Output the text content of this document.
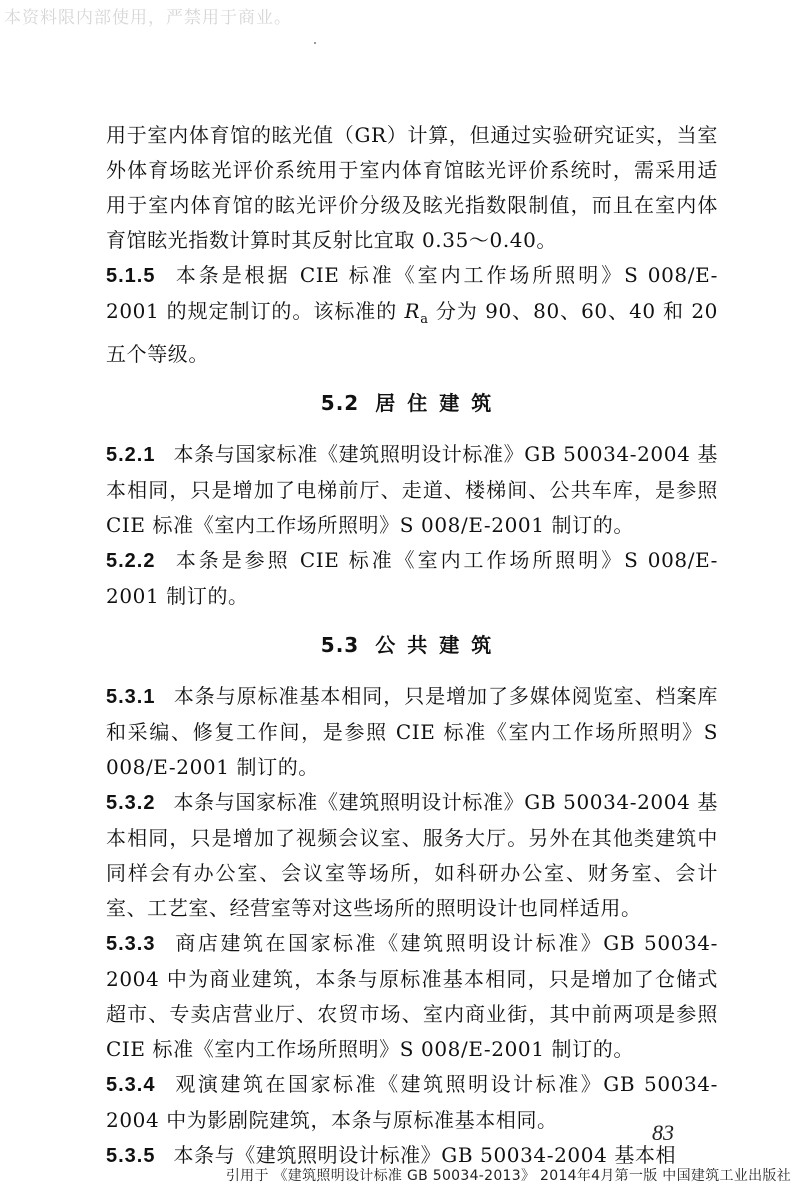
本资料限内部使用，严禁用于商业。

用于室内体育馆的眩光值（GR）计算，但通过实验研究证实，当室外体育场眩光评价系统用于室内体育馆眩光评价系统时，需采用适用于室内体育馆的眩光评价分级及眩光指数限制值，而且在室内体育馆眩光指数计算时其反射比宜取 0.35～0.40。

5.1.5 本条是根据 CIE 标准《室内工作场所照明》S 008/E-2001 的规定制订的。该标准的 $R_a$ 分为 90、80、60、40 和 20 五个等级。

5.2 居住建筑

5.2.1 本条与国家标准《建筑照明设计标准》GB 50034-2004 基本相同，只是增加了电梯前厅、走道、楼梯间、公共车库，是参照 CIE 标准《室内工作场所照明》S 008/E-2001 制订的。

5.2.2 本条是参照 CIE 标准《室内工作场所照明》S 008/E-2001 制订的。

5.3 公共建筑

5.3.1 本条与原标准基本相同，只是增加了多媒体阅览室、档案库和采编、修复工作间，是参照 CIE 标准《室内工作场所照明》S 008/E-2001 制订的。

5.3.2 本条与国家标准《建筑照明设计标准》GB 50034-2004 基本相同，只是增加了视频会议室、服务大厅。另外在其他类建筑中同样会有办公室、会议室等场所，如科研办公室、财务室、会计室、工艺室、经营室等对这些场所的照明设计也同样适用。

5.3.3 商店建筑在国家标准《建筑照明设计标准》GB 50034-2004 中为商业建筑，本条与原标准基本相同，只是增加了仓储式超市、专卖店营业厅、农贸市场、室内商业街，其中前两项是参照 CIE 标准《室内工作场所照明》S 008/E-2001 制订的。

5.3.4 观演建筑在国家标准《建筑照明设计标准》GB 50034-2004 中为影剧院建筑，本条与原标准基本相同。

5.3.5 本条与《建筑照明设计标准》GB 50034-2004 基本相

83
引用于 《建筑照明设计标准 GB 50034-2013》 2014年4月第一版 中国建筑工业出版社
